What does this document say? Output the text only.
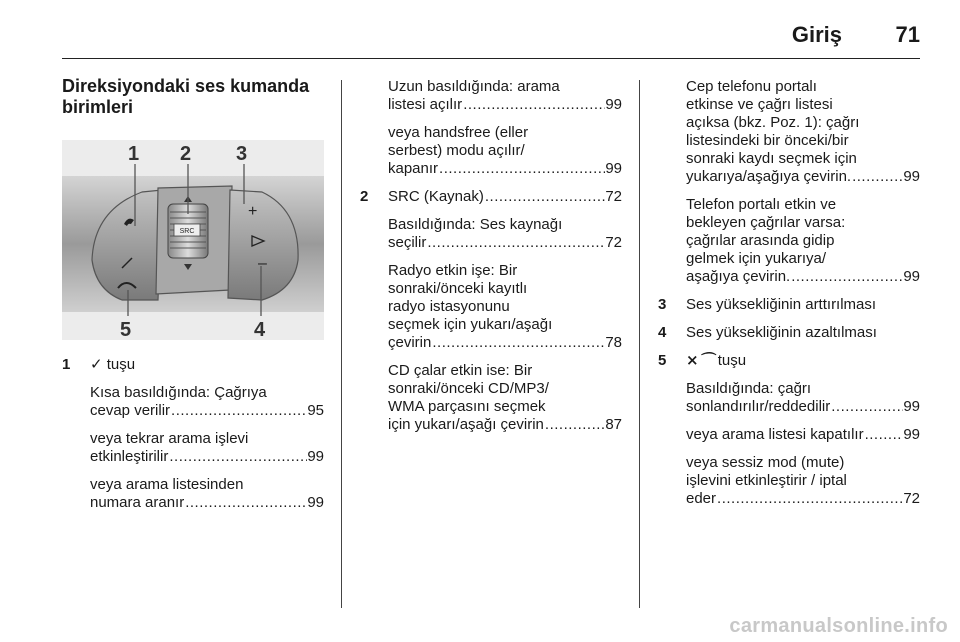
Giriş 71
Direksiyondaki ses kumanda
birimleri
SRC
+
–
1 2 3
4
5
1 ✓ tuşu

Kısa basıldığında: Çağrıya

cevap verilir .....	95

veya tekrar arama işlevi

etkinleştirilir .....	99

veya arama listesinden

numara aranır .....	99

Uzun basıldığında: arama

listesi açılır .....	99

veya handsfree (eller
serbest) modu açılır/

kapanır .....	99

2 SRC (Kaynak) .....	72

Basıldığında: Ses kaynağı

seçilir .....	72

Radyo etkin işe: Bir
sonraki/önceki kayıtlı
radyo istasyonunu
seçmek için yukarı/aşağı

çevirin .....	78

CD çalar etkin ise: Bir
sonraki/önceki CD/MP3/
WMA parçasını seçmek

için yukarı/aşağı çevirin .....	87

Cep telefonu portalı
etkinse ve çağrı listesi
açıksa (bkz. Poz. 1): çağrı
listesindeki bir önceki/bir
sonraki kaydı seçmek için

yukarıya/aşağıya çevirin. .....	99

Telefon portalı etkin ve
bekleyen çağrılar varsa:
çağrılar arasında gidip
gelmek için yukarıya/

aşağıya çevirin. .....	99

3 Ses yüksekliğinin arttırılması

4 Ses yüksekliğinin azaltılması

5 ⨯⌒ tuşu

Basıldığında: çağrı

sonlandırılır/reddedilir .....	99

veya arama listesi kapatılır .....	99

veya sessiz mod (mute)
işlevini etkinleştirir / iptal

eder .....	72

carmanualsonline.info
